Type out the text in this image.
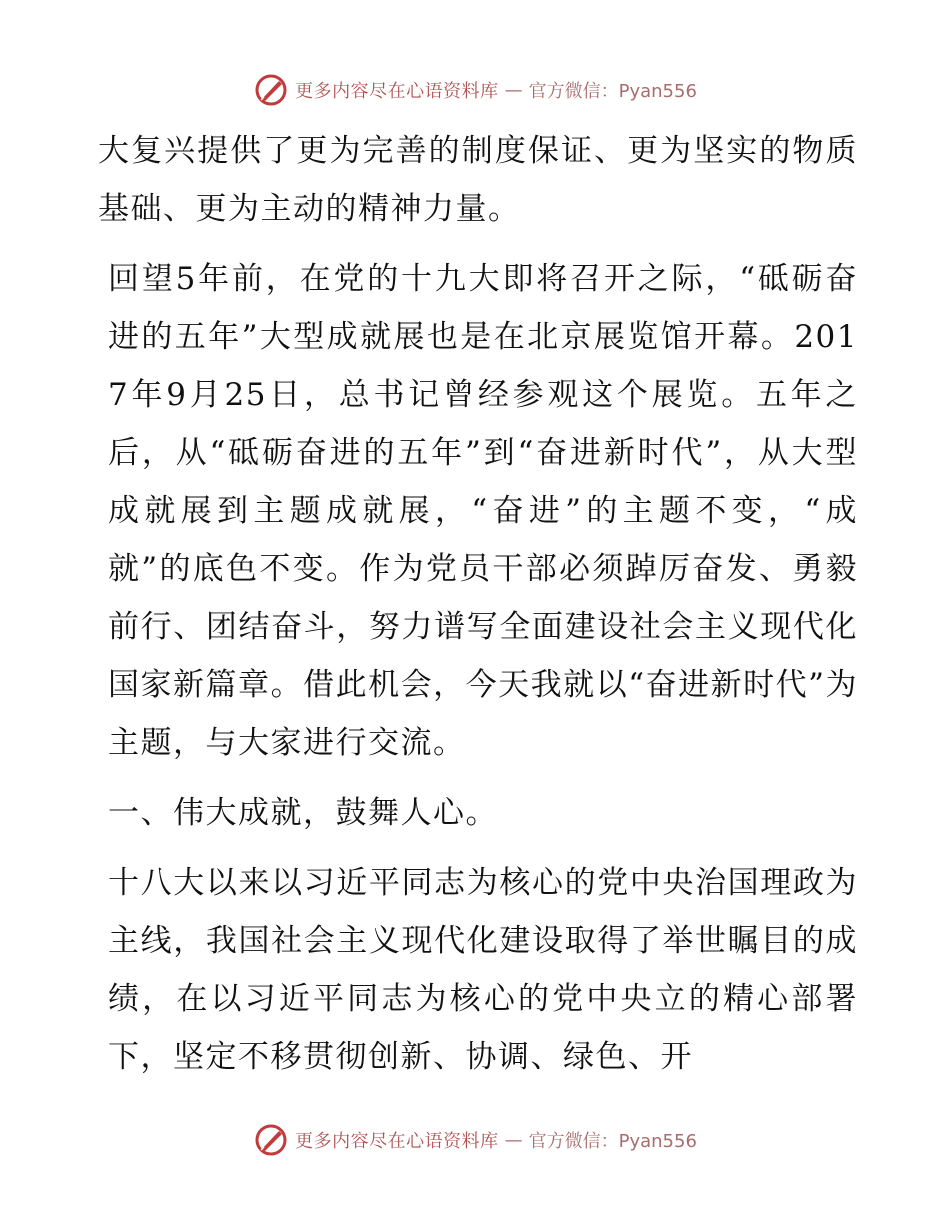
更多内容尽在心语资料库 — 官方微信：Pyan556

大复兴提供了更为完善的制度保证、更为坚实的物质基础、更为主动的精神力量。

回望5年前，在党的十九大即将召开之际，“砥砺奋进的五年”大型成就展也是在北京展览馆开幕。2017年9月25日，总书记曾经参观这个展览。五年之后，从“砥砺奋进的五年”到“奋进新时代”，从大型成就展到主题成就展，“奋进”的主题不变，“成就”的底色不变。作为党员干部必须踔厉奋发、勇毅前行、团结奋斗，努力谱写全面建设社会主义现代化国家新篇章。借此机会，今天我就以“奋进新时代”为主题，与大家进行交流。

一、伟大成就，鼓舞人心。

十八大以来以习近平同志为核心的党中央治国理政为主线，我国社会主义现代化建设取得了举世瞩目的成绩，在以习近平同志为核心的党中央立的精心部署下，坚定不移贯彻创新、协调、绿色、开

更多内容尽在心语资料库 — 官方微信：Pyan556
